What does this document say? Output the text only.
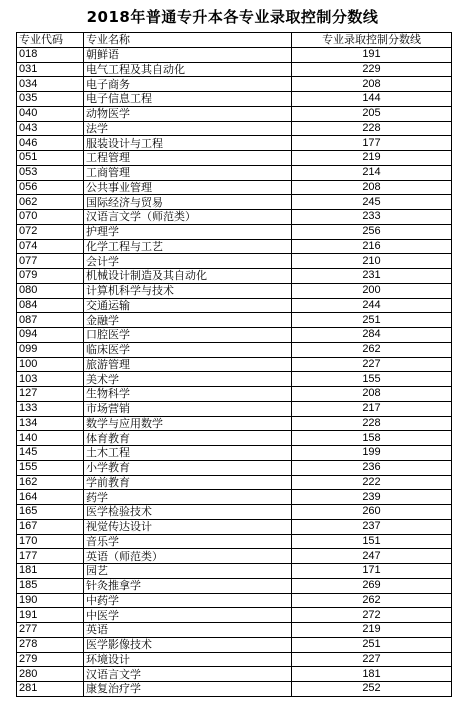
2018年普通专升本各专业录取控制分数线
专业代码	专业名称	专业录取控制分数线
018	朝鲜语	191
031	电气工程及其自动化	229
034	电子商务	208
035	电子信息工程	144
040	动物医学	205
043	法学	228
046	服装设计与工程	177
051	工程管理	219
053	工商管理	214
056	公共事业管理	208
062	国际经济与贸易	245
070	汉语言文学（师范类）	233
072	护理学	256
074	化学工程与工艺	216
077	会计学	210
079	机械设计制造及其自动化	231
080	计算机科学与技术	200
084	交通运输	244
087	金融学	251
094	口腔医学	284
099	临床医学	262
100	旅游管理	227
103	美术学	155
127	生物科学	208
133	市场营销	217
134	数学与应用数学	228
140	体育教育	158
145	土木工程	199
155	小学教育	236
162	学前教育	222
164	药学	239
165	医学检验技术	260
167	视觉传达设计	237
170	音乐学	151
177	英语（师范类）	247
181	园艺	171
185	针灸推拿学	269
190	中药学	262
191	中医学	272
277	英语	219
278	医学影像技术	251
279	环境设计	227
280	汉语言文学	181
281	康复治疗学	252
